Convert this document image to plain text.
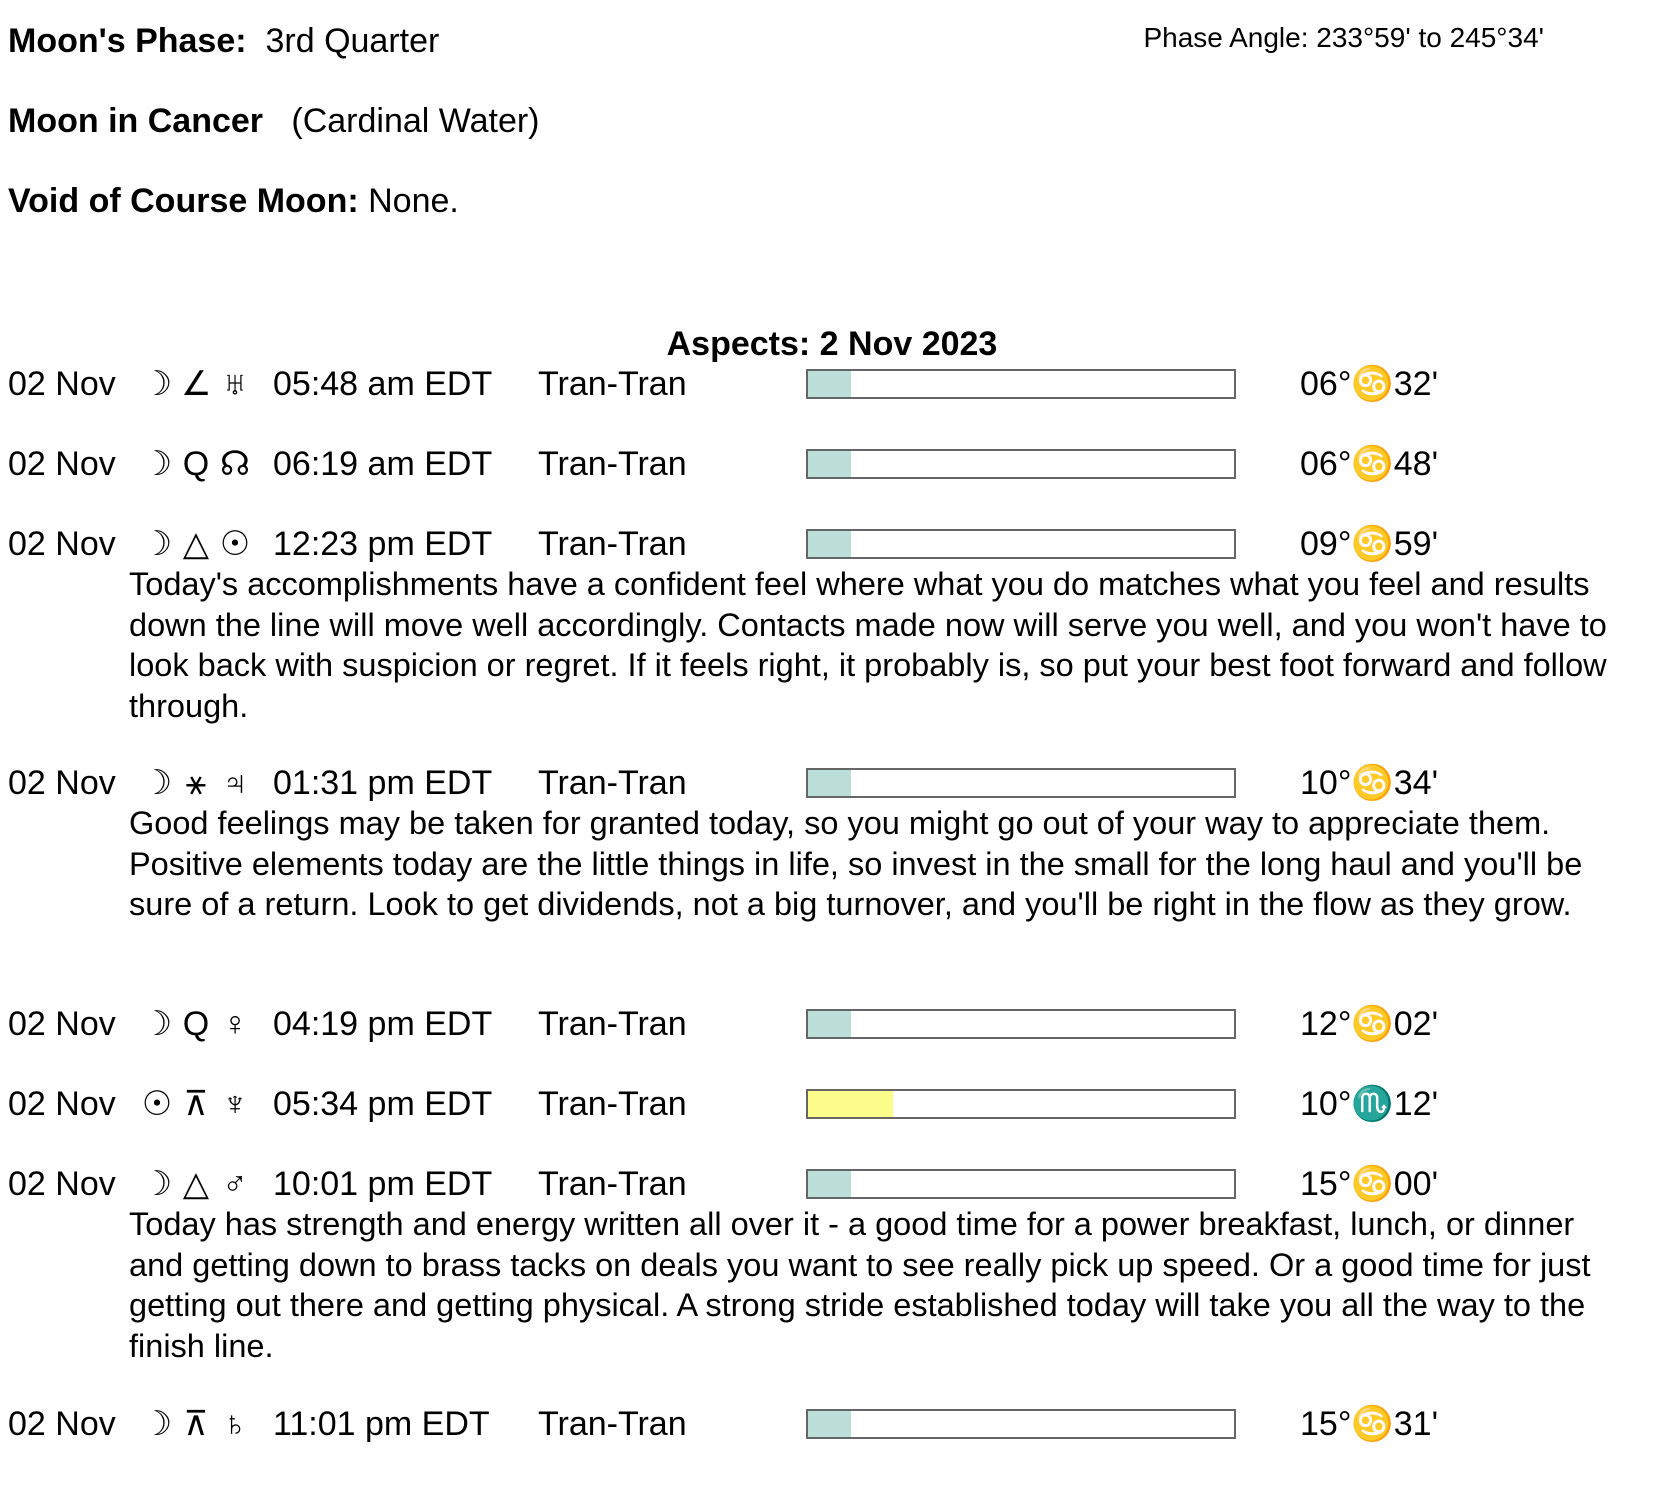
Moon's Phase: 3rd Quarter	Phase Angle: 233°59' to 245°34'
Moon in Cancer (Cardinal Water)
Void of Course Moon: None.
Aspects: 2 Nov 2023
02 Nov ☽ ∠ ♅ 05:48 am EDT Tran-Tran	06°♋32'
02 Nov ☽ Q ☊ 06:19 am EDT Tran-Tran	06°♋48'
02 Nov ☽ △ ☉ 12:23 pm EDT Tran-Tran	09°♋59'
Today's accomplishments have a confident feel where what you do matches what you feel and results down the line will move well accordingly. Contacts made now will serve you well, and you won't have to look back with suspicion or regret. If it feels right, it probably is, so put your best foot forward and follow through.
02 Nov ☽ ⚹ ♃ 01:31 pm EDT Tran-Tran	10°♋34'
Good feelings may be taken for granted today, so you might go out of your way to appreciate them. Positive elements today are the little things in life, so invest in the small for the long haul and you'll be sure of a return. Look to get dividends, not a big turnover, and you'll be right in the flow as they grow.
02 Nov ☽ Q ♀ 04:19 pm EDT Tran-Tran	12°♋02'
02 Nov ☉ ⊼ ♆ 05:34 pm EDT Tran-Tran	10°♏12'
02 Nov ☽ △ ♂ 10:01 pm EDT Tran-Tran	15°♋00'
Today has strength and energy written all over it - a good time for a power breakfast, lunch, or dinner and getting down to brass tacks on deals you want to see really pick up speed. Or a good time for just getting out there and getting physical. A strong stride established today will take you all the way to the finish line.
02 Nov ☽ ⊼ ♄ 11:01 pm EDT Tran-Tran	15°♋31'
